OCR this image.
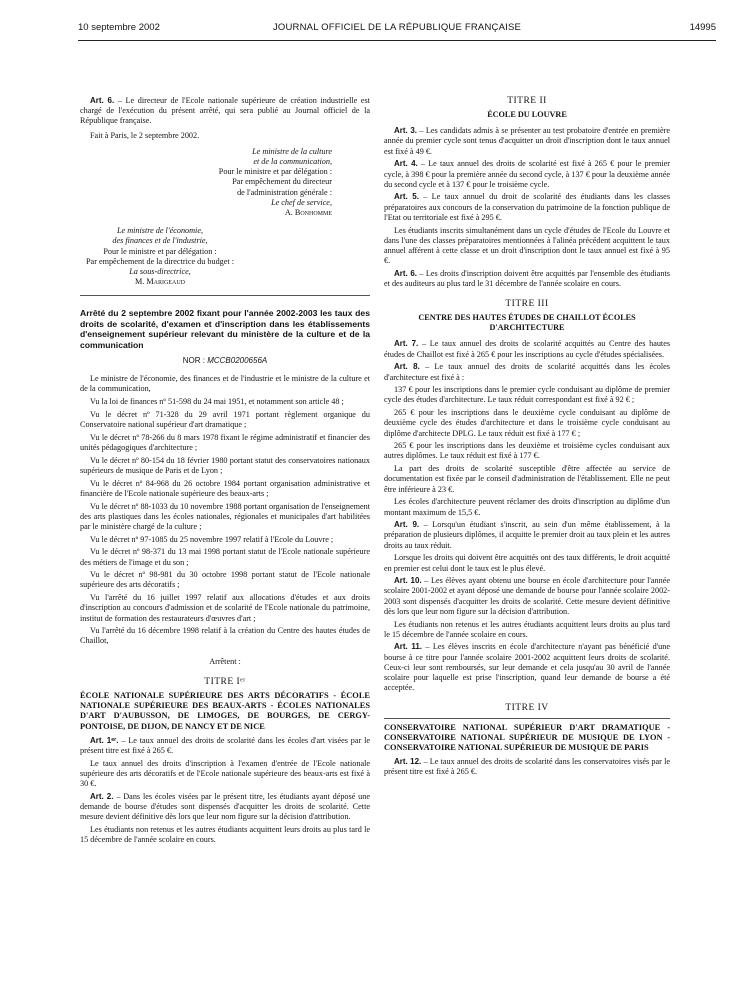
10 septembre 2002	JOURNAL OFFICIEL DE LA RÉPUBLIQUE FRANÇAISE	14995

Art. 6. – Le directeur de l'Ecole nationale supérieure de création industrielle est chargé de l'exécution du présent arrêté, qui sera publié au Journal officiel de la République française.

Fait à Paris, le 2 septembre 2002.

Le ministre de la culture
et de la communication,
Pour le ministre et par délégation :
Par empêchement du directeur
de l'administration générale :
Le chef de service,
A. Bonhomme
Le ministre de l'économie,
des finances et de l'industrie,
Pour le ministre et par délégation :
Par empêchement de la directrice du budget :
La sous-directrice,
M. Marigeaud
Arrêté du 2 septembre 2002 fixant pour l'année 2002-2003 les taux des droits de scolarité, d'examen et d'inscription dans les établissements d'enseignement supérieur relevant du ministère de la culture et de la communication
NOR : MCCB0200656A

Le ministre de l'économie, des finances et de l'industrie et le ministre de la culture et de la communication,

Vu la loi de finances nº 51-598 du 24 mai 1951, et notamment son article 48 ;

Vu le décret nº 71-328 du 29 avril 1971 portant règlement organique du Conservatoire national supérieur d'art dramatique ;

Vu le décret nº 78-266 du 8 mars 1978 fixant le régime administratif et financier des unités pédagogiques d'architecture ;

Vu le décret nº 80-154 du 18 février 1980 portant statut des conservatoires nationaux supérieurs de musique de Paris et de Lyon ;

Vu le décret nº 84-968 du 26 octobre 1984 portant organisation administrative et financière de l'Ecole nationale supérieure des beaux-arts ;

Vu le décret nº 88-1033 du 10 novembre 1988 portant organisation de l'enseignement des arts plastiques dans les écoles nationales, régionales et municipales d'art habilitées par le ministère chargé de la culture ;

Vu le décret nº 97-1085 du 25 novembre 1997 relatif à l'Ecole du Louvre ;

Vu le décret nº 98-371 du 13 mai 1998 portant statut de l'Ecole nationale supérieure des métiers de l'image et du son ;

Vu le décret nº 98-981 du 30 octobre 1998 portant statut de l'Ecole nationale supérieure des arts décoratifs ;

Vu l'arrêté du 16 juillet 1997 relatif aux allocations d'études et aux droits d'inscription au concours d'admission et de scolarité de l'Ecole nationale du patrimoine, institut de formation des restaurateurs d'œuvres d'art ;

Vu l'arrêté du 16 décembre 1998 relatif à la création du Centre des hautes études de Chaillot,

Arrêtent :
TITRE Iᵉʳ
ÉCOLE NATIONALE SUPÉRIEURE DES ARTS DÉCORATIFS - ÉCOLE NATIONALE SUPÉRIEURE DES BEAUX-ARTS - ÉCOLES NATIONALES D'ART D'AUBUSSON, DE LIMOGES, DE BOURGES, DE CERGY-PONTOISE, DE DIJON, DE NANCY ET DE NICE

Art. 1ᵉʳ. – Le taux annuel des droits de scolarité dans les écoles d'art visées par le présent titre est fixé à 265 €.

Le taux annuel des droits d'inscription à l'examen d'entrée de l'Ecole nationale supérieure des arts décoratifs et de l'Ecole nationale supérieure des beaux-arts est fixé à 30 €.

Art. 2. – Dans les écoles visées par le présent titre, les étudiants ayant déposé une demande de bourse d'études sont dispensés d'acquitter les droits de scolarité. Cette mesure devient définitive dès lors que leur nom figure sur la décision d'attribution.

Les étudiants non retenus et les autres étudiants acquittent leurs droits au plus tard le 15 décembre de l'année scolaire en cours.

TITRE II
ÉCOLE DU LOUVRE

Art. 3. – Les candidats admis à se présenter au test probatoire d'entrée en première année du premier cycle sont tenus d'acquitter un droit d'inscription dont le taux annuel est fixé à 49 €.

Art. 4. – Le taux annuel des droits de scolarité est fixé à 265 € pour le premier cycle, à 398 € pour la première année du second cycle, à 137 € pour la deuxième année du second cycle et à 137 € pour le troisième cycle.

Art. 5. – Le taux annuel du droit de scolarité des étudiants dans les classes préparatoires aux concours de la conservation du patrimoine de la fonction publique de l'Etat ou territoriale est fixé à 295 €.

Les étudiants inscrits simultanément dans un cycle d'études de l'Ecole du Louvre et dans l'une des classes préparatoires mentionnées à l'alinéa précédent acquittent le taux annuel afférent à cette classe et un droit d'inscription dont le taux annuel est fixé à 95 €.

Art. 6. – Les droits d'inscription doivent être acquittés par l'ensemble des étudiants et des auditeurs au plus tard le 31 décembre de l'année scolaire en cours.

TITRE III
CENTRE DES HAUTES ÉTUDES DE CHAILLOT ÉCOLES D'ARCHITECTURE

Art. 7. – Le taux annuel des droits de scolarité acquittés au Centre des hautes études de Chaillot est fixé à 265 € pour les inscriptions au cycle d'études spécialisées.

Art. 8. – Le taux annuel des droits de scolarité acquittés dans les écoles d'architecture est fixé à :

137 € pour les inscriptions dans le premier cycle conduisant au diplôme de premier cycle des études d'architecture. Le taux réduit correspondant est fixé à 92 € ;

265 € pour les inscriptions dans le deuxième cycle conduisant au diplôme de deuxième cycle des études d'architecture et dans le troisième cycle conduisant au diplôme d'architecte DPLG. Le taux réduit est fixé à 177 € ;

265 € pour les inscriptions dans les deuxième et troisième cycles conduisant aux autres diplômes. Le taux réduit est fixé à 177 €.

La part des droits de scolarité susceptible d'être affectée au service de documentation est fixée par le conseil d'administration de l'établissement. Elle ne peut être inférieure à 23 €.

Les écoles d'architecture peuvent réclamer des droits d'inscription au diplôme d'un montant maximum de 15,5 €.

Art. 9. – Lorsqu'un étudiant s'inscrit, au sein d'un même établissement, à la préparation de plusieurs diplômes, il acquitte le premier droit au taux plein et les autres droits au taux réduit.

Lorsque les droits qui doivent être acquittés ont des taux différents, le droit acquitté en premier est celui dont le taux est le plus élevé.

Art. 10. – Les élèves ayant obtenu une bourse en école d'architecture pour l'année scolaire 2001-2002 et ayant déposé une demande de bourse pour l'année scolaire 2002-2003 sont dispensés d'acquitter les droits de scolarité. Cette mesure devient définitive dès lors que leur nom figure sur la décision d'attribution.

Les étudiants non retenus et les autres étudiants acquittent leurs droits au plus tard le 15 décembre de l'année scolaire en cours.

Art. 11. – Les élèves inscrits en école d'architecture n'ayant pas bénéficié d'une bourse à ce titre pour l'année scolaire 2001-2002 acquittent leurs droits de scolarité. Ceux-ci leur sont remboursés, sur leur demande et cela jusqu'au 30 avril de l'année scolaire pour laquelle est prise l'inscription, quand leur demande de bourse a été acceptée.

TITRE IV
CONSERVATOIRE NATIONAL SUPÉRIEUR D'ART DRAMATIQUE - CONSERVATOIRE NATIONAL SUPÉRIEUR DE MUSIQUE DE LYON - CONSERVATOIRE NATIONAL SUPÉRIEUR DE MUSIQUE DE PARIS

Art. 12. – Le taux annuel des droits de scolarité dans les conservatoires visés par le présent titre est fixé à 265 €.
